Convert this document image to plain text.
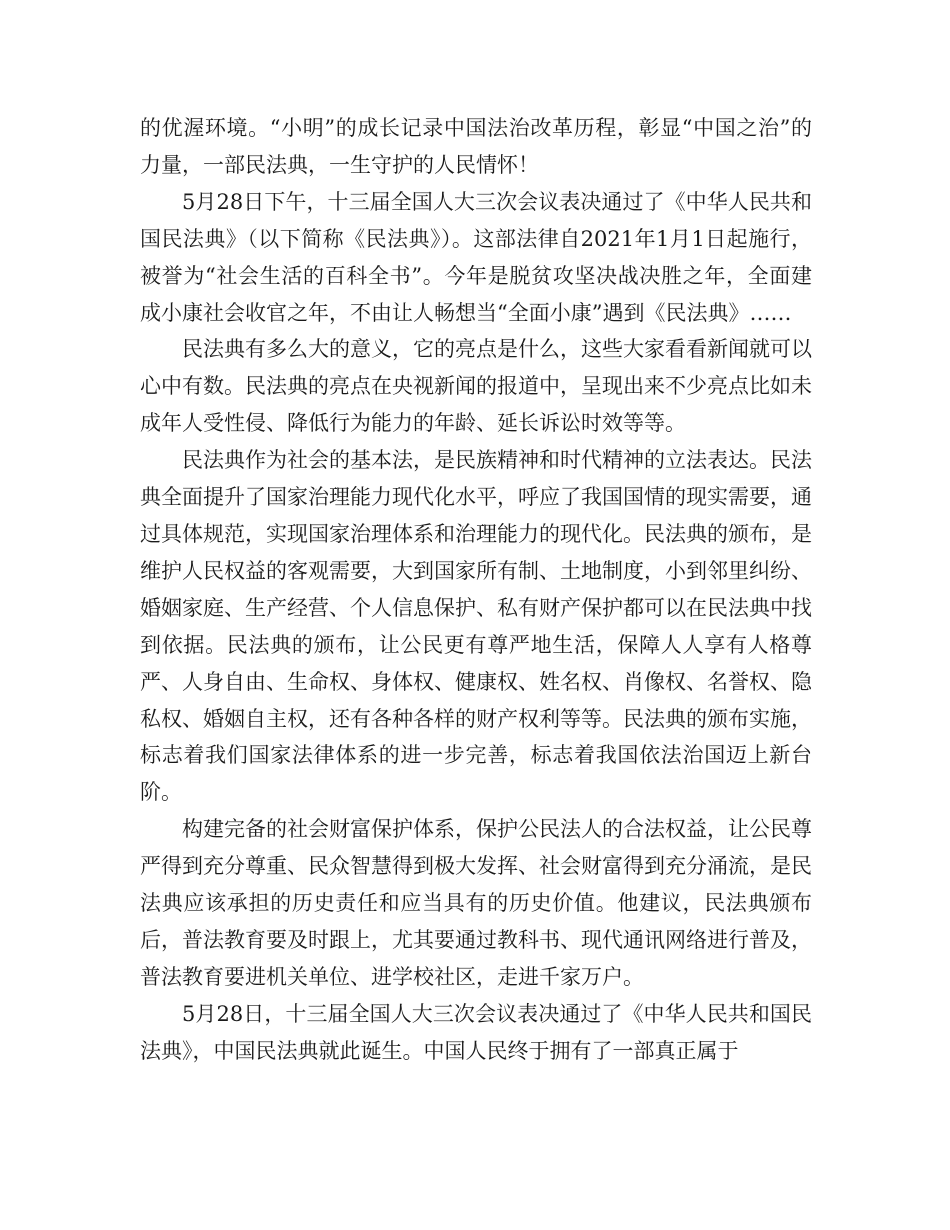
的优渥环境。“小明”的成长记录中国法治改革历程，彰显“中国之治”的力量，一部民法典，一生守护的人民情怀！

5月28日下午，十三届全国人大三次会议表决通过了《中华人民共和国民法典》（以下简称《民法典》）。这部法律自2021年1月1日起施行，被誉为“社会生活的百科全书”。今年是脱贫攻坚决战决胜之年，全面建成小康社会收官之年，不由让人畅想当“全面小康”遇到《民法典》……

民法典有多么大的意义，它的亮点是什么，这些大家看看新闻就可以心中有数。民法典的亮点在央视新闻的报道中，呈现出来不少亮点比如未成年人受性侵、降低行为能力的年龄、延长诉讼时效等等。

民法典作为社会的基本法，是民族精神和时代精神的立法表达。民法典全面提升了国家治理能力现代化水平，呼应了我国国情的现实需要，通过具体规范，实现国家治理体系和治理能力的现代化。民法典的颁布，是维护人民权益的客观需要，大到国家所有制、土地制度，小到邻里纠纷、婚姻家庭、生产经营、个人信息保护、私有财产保护都可以在民法典中找到依据。民法典的颁布，让公民更有尊严地生活，保障人人享有人格尊严、人身自由、生命权、身体权、健康权、姓名权、肖像权、名誉权、隐私权、婚姻自主权，还有各种各样的财产权利等等。民法典的颁布实施，标志着我们国家法律体系的进一步完善，标志着我国依法治国迈上新台阶。

构建完备的社会财富保护体系，保护公民法人的合法权益，让公民尊严得到充分尊重、民众智慧得到极大发挥、社会财富得到充分涌流，是民法典应该承担的历史责任和应当具有的历史价值。他建议，民法典颁布后，普法教育要及时跟上，尤其要通过教科书、现代通讯网络进行普及，普法教育要进机关单位、进学校社区，走进千家万户。

5月28日，十三届全国人大三次会议表决通过了《中华人民共和国民法典》，中国民法典就此诞生。中国人民终于拥有了一部真正属于
